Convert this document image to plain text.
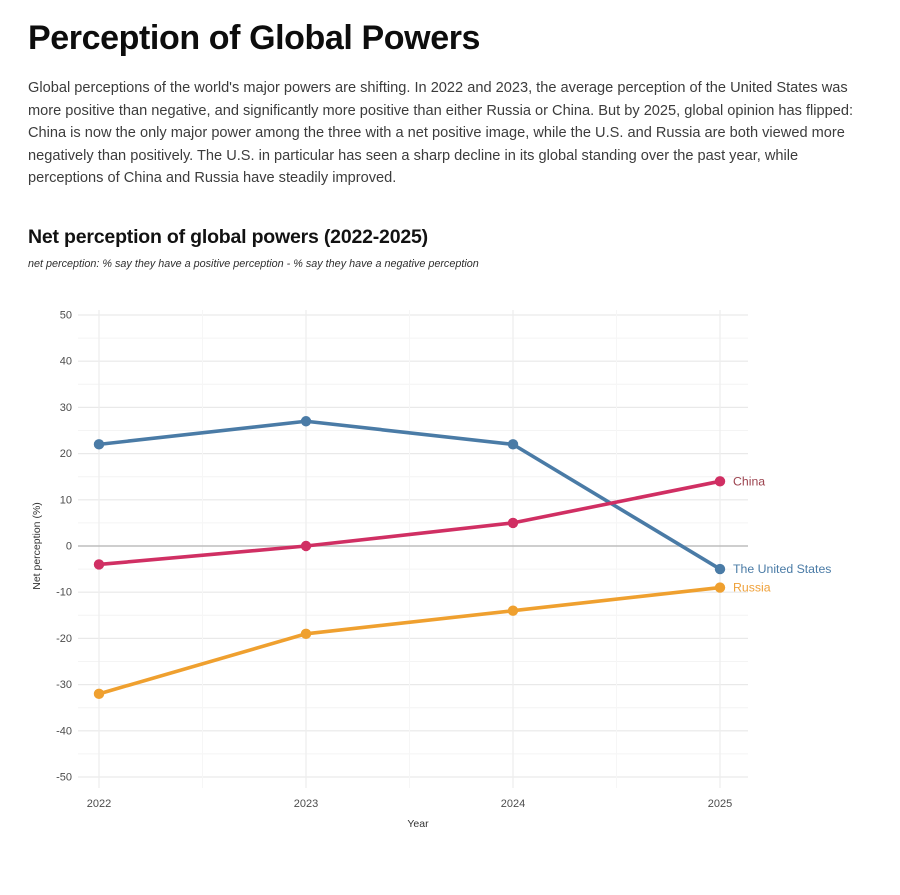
Perception of Global Powers

Global perceptions of the world's major powers are shifting. In 2022 and 2023, the average perception of the United States was more positive than negative, and significantly more positive than either Russia or China. But by 2025, global opinion has flipped: China is now the only major power among the three with a net positive image, while the U.S. and Russia are both viewed more negatively than positively. The U.S. in particular has seen a sharp decline in its global standing over the past year, while perceptions of China and Russia have steadily improved.

Net perception of global powers (2022-2025)

net perception: % say they have a positive perception - % say they have a negative perception

-50
-40
-30
-20
-10
0
10
20
30
40
50
2022	2023	2024	2025
Net perception (%)
Year
The United States
China
Russia
